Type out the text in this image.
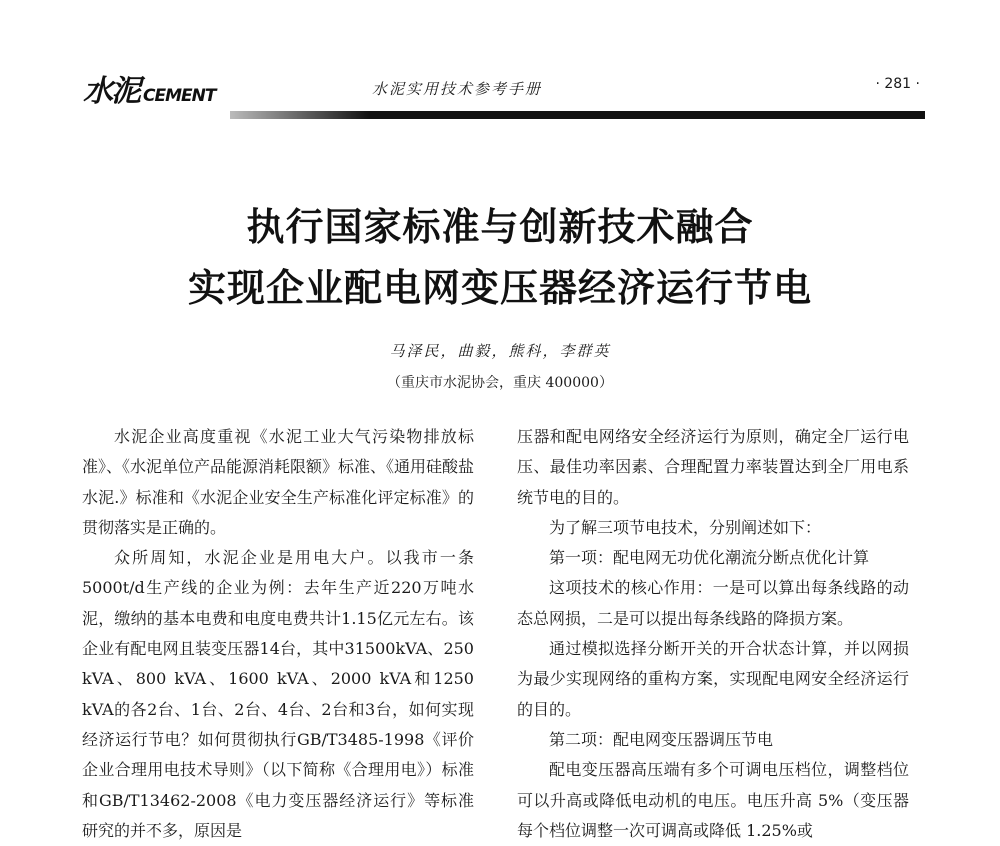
水泥 CEMENT	水泥实用技术参考手册	· 281 ·
执行国家标准与创新技术融合
实现企业配电网变压器经济运行节电
马泽民，曲毅，熊科，李群英
（重庆市水泥协会，重庆 400000）

水泥企业高度重视《水泥工业大气污染物排放标准》、《水泥单位产品能源消耗限额》标准、《通用硅酸盐水泥.》标准和《水泥企业安全生产标准化评定标准》的贯彻落实是正确的。

众所周知，水泥企业是用电大户。以我市一条5000t/d生产线的企业为例：去年生产近220万吨水泥，缴纳的基本电费和电度电费共计1.15亿元左右。该企业有配电网且装变压器14台，其中31500kVA、250 kVA、800 kVA、1600 kVA、2000 kVA和1250 kVA的各2台、1台、2台、4台、2台和3台，如何实现经济运行节电？如何贯彻执行GB/T3485-1998《评价企业合理用电技术导则》（以下简称《合理用电》）标准和GB/T13462-2008《电力变压器经济运行》等标准研究的并不多，原因是

压器和配电网络安全经济运行为原则，确定全厂运行电压、最佳功率因素、合理配置力率装置达到全厂用电系统节电的目的。

为了解三项节电技术，分别阐述如下：

第一项：配电网无功优化潮流分断点优化计算

这项技术的核心作用：一是可以算出每条线路的动态总网损，二是可以提出每条线路的降损方案。

通过模拟选择分断开关的开合状态计算，并以网损为最少实现网络的重构方案，实现配电网安全经济运行的目的。

第二项：配电网变压器调压节电

配电变压器高压端有多个可调电压档位，调整档位可以升高或降低电动机的电压。电压升高 5%（变压器每个档位调整一次可调高或降低 1.25%或
